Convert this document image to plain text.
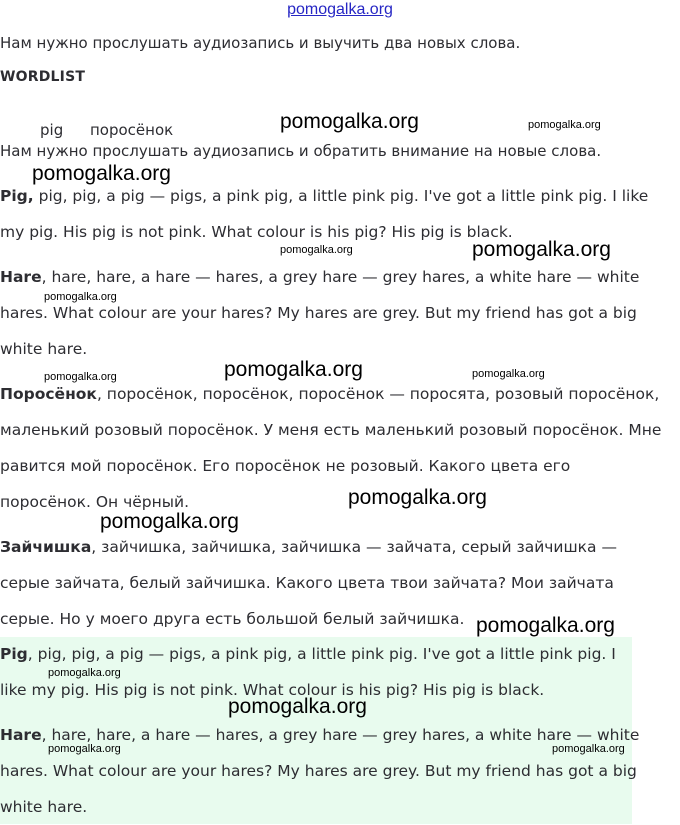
pomogalka.org

Нам нужно прослушать аудиозапись и выучить два новых слова.

WORDLIST

pig поросёнок

Нам нужно прослушать аудиозапись и обратить внимание на новые слова.

Pig, pig, pig, a pig — pigs, a pink pig, a little pink pig. I've got a little pink pig. I like my pig. His pig is not pink. What colour is his pig? His pig is black.

Hare, hare, hare, a hare — hares, a grey hare — grey hares, a white hare — white hares. What colour are your hares? My hares are grey. But my friend has got a big white hare.

Поросёнок, поросёнок, поросёнок, поросёнок — поросята, розовый поросёнок, маленький розовый поросёнок. У меня есть маленький розовый поросёнок. Мне равится мой поросёнок. Его поросёнок не розовый. Какого цвета его поросёнок. Он чёрный.

Зайчишка, зайчишка, зайчишка, зайчишка — зайчата, серый зайчишка — серые зайчата, белый зайчишка. Какого цвета твои зайчата? Мои зайчата серые. Но у моего друга есть большой белый зайчишка.

Pig, pig, pig, a pig — pigs, a pink pig, a little pink pig. I've got a little pink pig. I like my pig. His pig is not pink. What colour is his pig? His pig is black.

Hare, hare, hare, a hare — hares, a grey hare — grey hares, a white hare — white hares. What colour are your hares? My hares are grey. But my friend has got a big white hare.

pomogalka.org	pomogalka.org
pomogalka.org
pomogalka.org	pomogalka.org
pomogalka.org
pomogalka.org
pomogalka.org	pomogalka.org
pomogalka.org
pomogalka.org
pomogalka.org
pomogalka.org
pomogalka.org
pomogalka.org	pomogalka.org
